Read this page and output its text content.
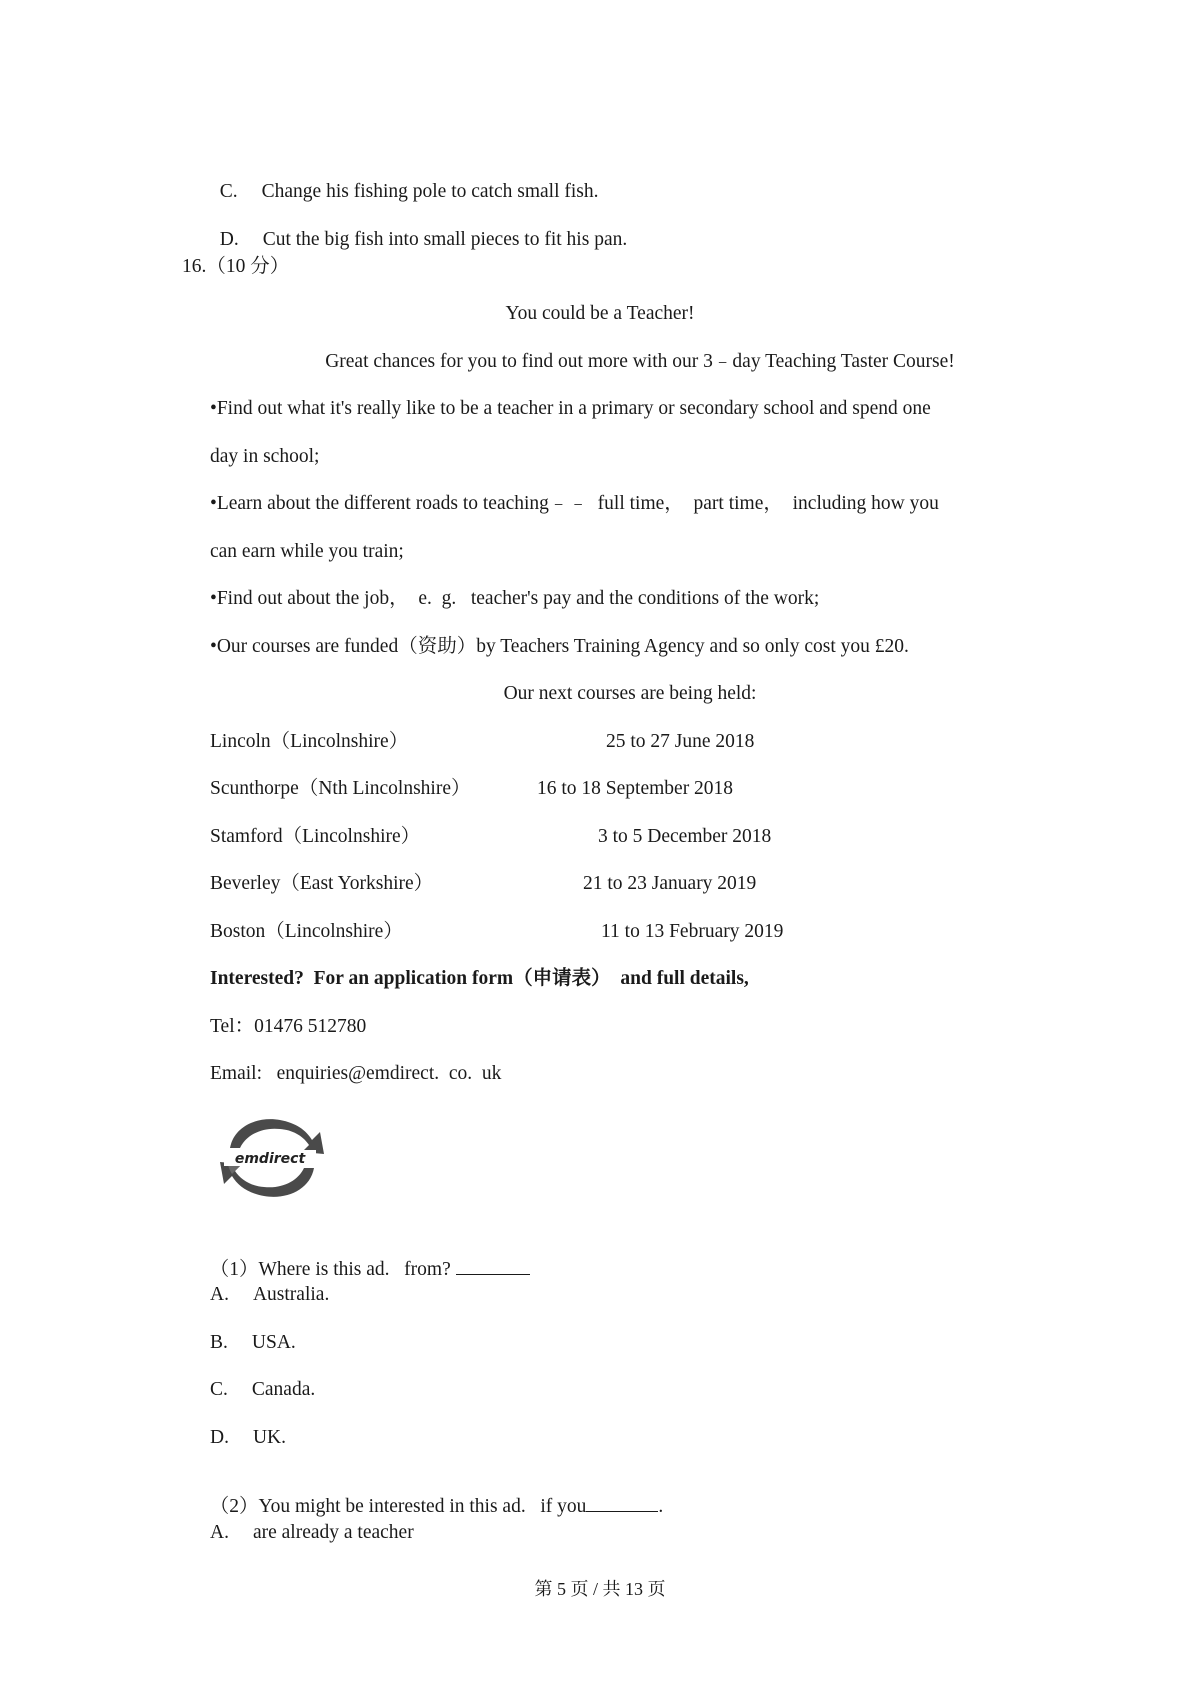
C. Change his fishing pole to catch small fish.

D. Cut the big fish into small pieces to fit his pan.

16.（10 分）
You could be a Teacher!
Great chances for you to find out more with our 3﹣day Teaching Taster Course!
•Find out what it's really like to be a teacher in a primary or secondary school and spend one
day in school;
•Learn about the different roads to teaching﹣﹣  full time，  part time，  including how you
can earn while you train;
•Find out about the job，  e.  g.   teacher's pay and the conditions of the work;
•Our courses are funded（资助）by Teachers Training Agency and so only cost you £20.
Our next courses are being held:
Lincoln（Lincolnshire）	25 to 27 June 2018
Scunthorpe（Nth Lincolnshire）	16 to 18 September 2018
Stamford（Lincolnshire）	3 to 5 December 2018
Beverley（East Yorkshire）	21 to 23 January 2019
Boston（Lincolnshire）	11 to 13 February 2019
Interested?  For an application form（申请表）  and full details,
Tel：01476 512780
Email:   enquiries@emdirect.  co.  uk
emdirect

（1）Where is this ad.   from?

A. Australia.
B. USA.
C. Canada.
D. UK.

（2）You might be interested in this ad.   if you	.

A. are already a teacher
第 5 页 / 共 13 页
